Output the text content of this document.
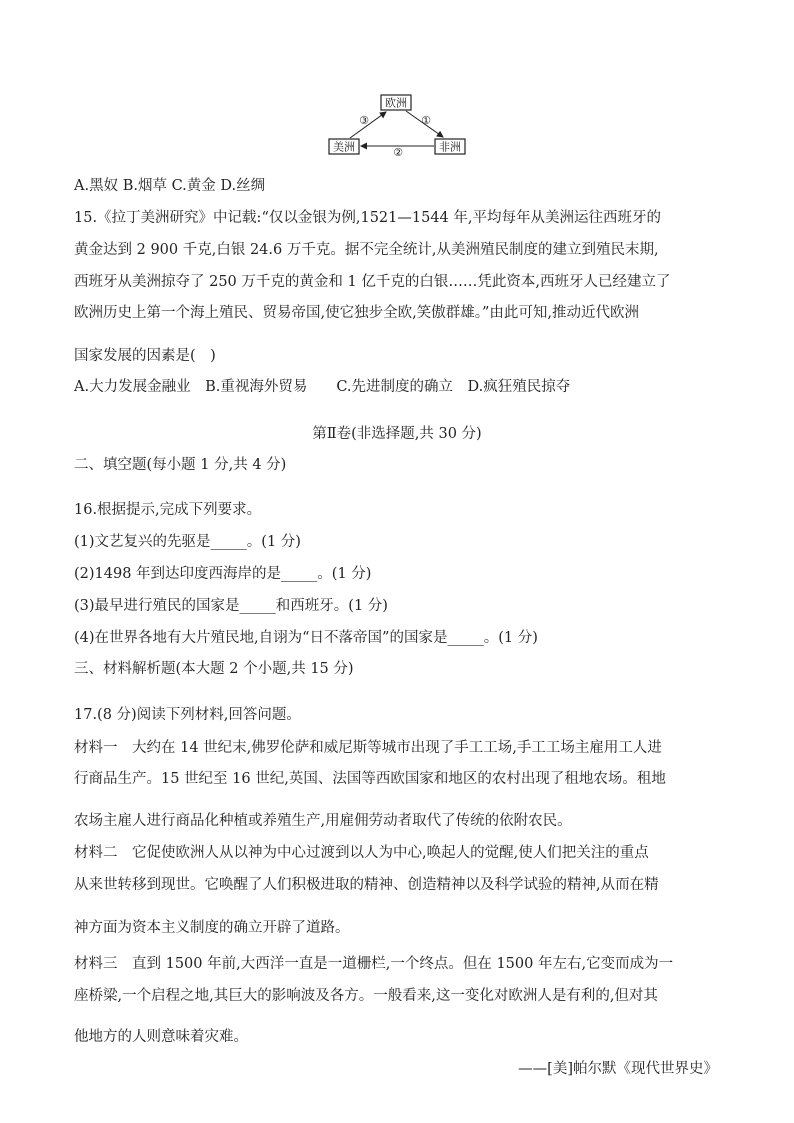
欧洲
美洲	非洲
①
②
③
A.黑奴 B.烟草 C.黄金 D.丝绸
15.《拉丁美洲研究》中记载:“仅以金银为例,1521—1544 年,平均每年从美洲运往西班牙的
黄金达到 2 900 千克,白银 24.6 万千克。据不完全统计,从美洲殖民制度的建立到殖民末期,
西班牙从美洲掠夺了 250 万千克的黄金和 1 亿千克的白银……凭此资本,西班牙人已经建立了
欧洲历史上第一个海上殖民、贸易帝国,使它独步全欧,笑傲群雄。”由此可知,推动近代欧洲
国家发展的因素是(　)
A.大力发展金融业　B.重视海外贸易　　C.先进制度的确立　D.疯狂殖民掠夺
第Ⅱ卷(非选择题,共 30 分)
二、填空题(每小题 1 分,共 4 分)
16.根据提示,完成下列要求。
(1)文艺复兴的先驱是_____。(1 分)
(2)1498 年到达印度西海岸的是_____。(1 分)
(3)最早进行殖民的国家是_____和西班牙。(1 分)
(4)在世界各地有大片殖民地,自诩为“日不落帝国”的国家是_____。(1 分)
三、材料解析题(本大题 2 个小题,共 15 分)
17.(8 分)阅读下列材料,回答问题。
材料一　大约在 14 世纪末,佛罗伦萨和威尼斯等城市出现了手工工场,手工工场主雇用工人进
行商品生产。15 世纪至 16 世纪,英国、法国等西欧国家和地区的农村出现了租地农场。租地
农场主雇人进行商品化种植或养殖生产,用雇佣劳动者取代了传统的依附农民。
材料二　它促使欧洲人从以神为中心过渡到以人为中心,唤起人的觉醒,使人们把关注的重点
从来世转移到现世。它唤醒了人们积极进取的精神、创造精神以及科学试验的精神,从而在精
神方面为资本主义制度的确立开辟了道路。
材料三　直到 1500 年前,大西洋一直是一道栅栏,一个终点。但在 1500 年左右,它变而成为一
座桥梁,一个启程之地,其巨大的影响波及各方。一般看来,这一变化对欧洲人是有利的,但对其
他地方的人则意味着灾难。
——[美]帕尔默《现代世界史》
